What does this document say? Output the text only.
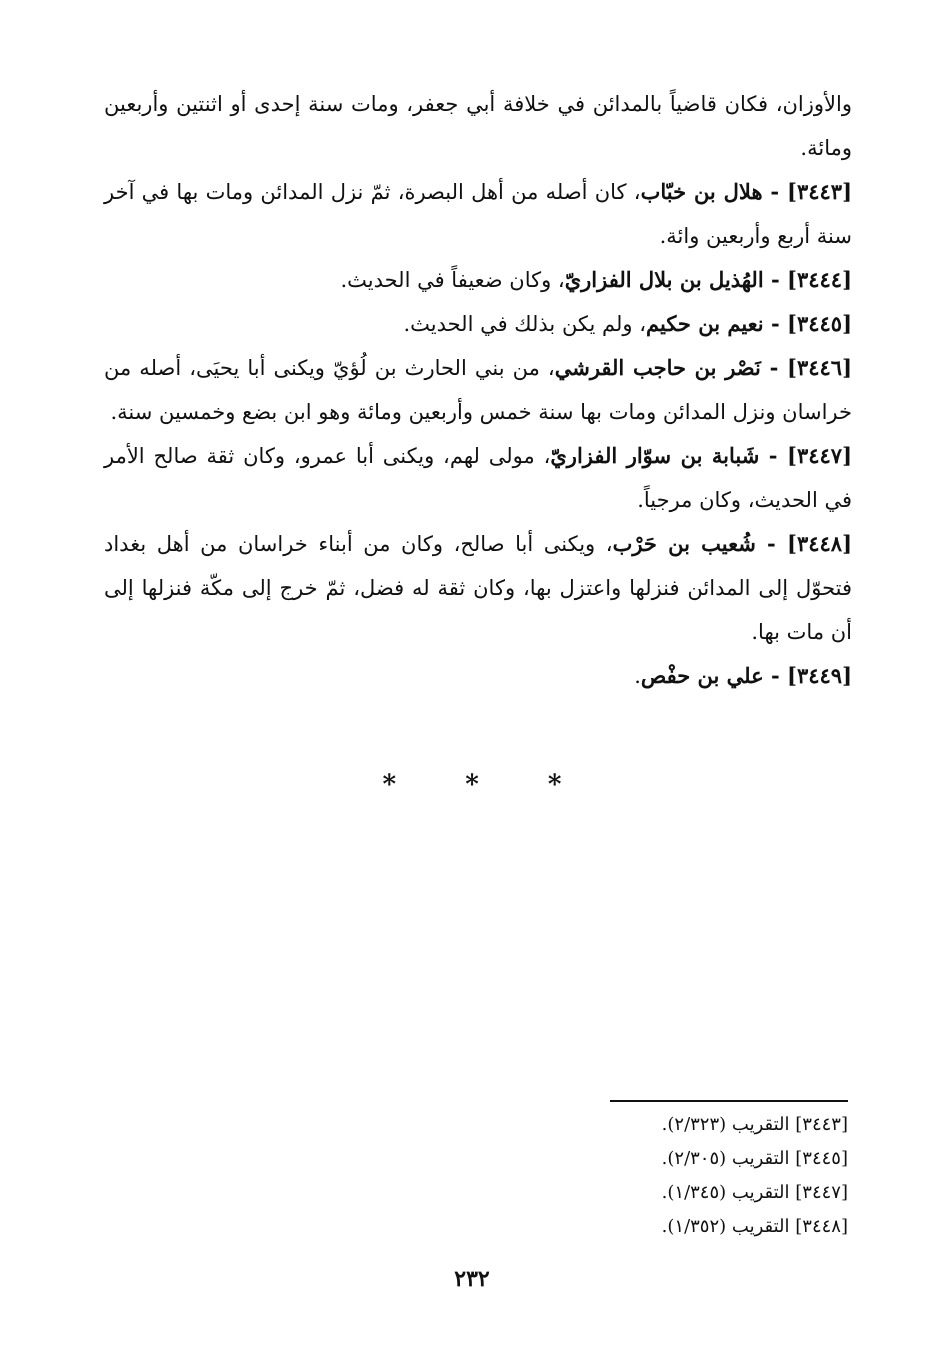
والأوزان، فكان قاضياً بالمدائن في خلافة أبي جعفر، ومات سنة إحدى أو اثنتين وأربعين ومائة.

[٣٤٤٣] - هلال بن خبّاب، كان أصله من أهل البصرة، ثمّ نزل المدائن ومات بها في آخر سنة أربع وأربعين وائة.

[٣٤٤٤] - الهُذيل بن بلال الفزاريّ، وكان ضعيفاً في الحديث.

[٣٤٤٥] - نعيم بن حكيم، ولم يكن بذلك في الحديث.

[٣٤٤٦] - نَصْر بن حاجب القرشي، من بني الحارث بن لُؤيّ ويكنى أبا يحيَى، أصله من خراسان ونزل المدائن ومات بها سنة خمس وأربعين ومائة وهو ابن بضع وخمسين سنة.

[٣٤٤٧] - شَبابة بن سوّار الفزاريّ، مولى لهم، ويكنى أبا عمرو، وكان ثقة صالح الأمر في الحديث، وكان مرجياً.

[٣٤٤٨] - شُعيب بن حَرْب، ويكنى أبا صالح، وكان من أبناء خراسان من أهل بغداد فتحوّل إلى المدائن فنزلها واعتزل بها، وكان ثقة له فضل، ثمّ خرج إلى مكّة فنزلها إلى أن مات بها.

[٣٤٤٩] - علي بن حفْص.

*	*	*
[٣٤٤٣] التقريب (٢/٣٢٣).
[٣٤٤٥] التقريب (٢/٣٠٥).
[٣٤٤٧] التقريب (١/٣٤٥).
[٣٤٤٨] التقريب (١/٣٥٢).
٢٣٢
